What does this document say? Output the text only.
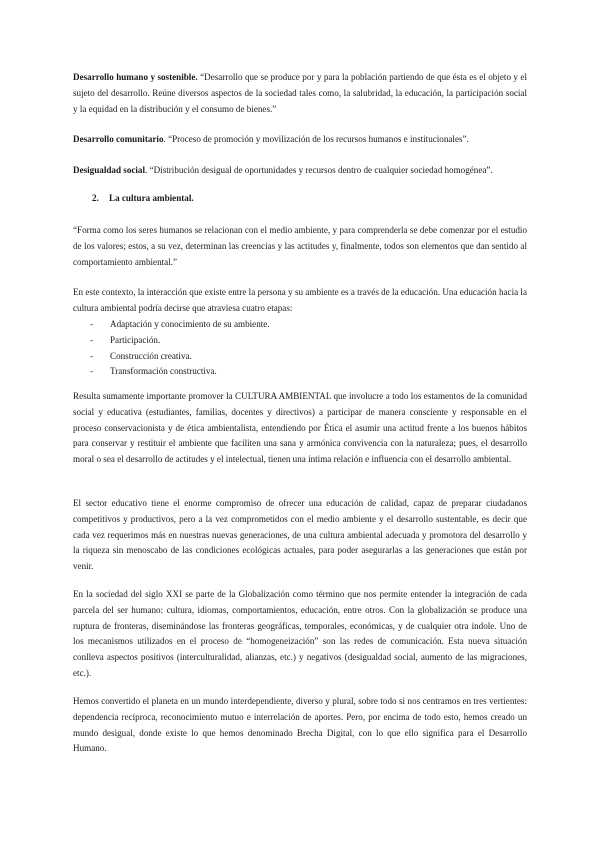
Desarrollo humano y sostenible. “Desarrollo que se produce por y para la población partiendo de que ésta es el objeto y el sujeto del desarrollo. Reúne diversos aspectos de la sociedad tales como, la salubridad, la educación, la participación social y la equidad en la distribución y el consumo de bienes.”

Desarrollo comunitario. “Proceso de promoción y movilización de los recursos humanos e institucionales”.

Desigualdad social. “Distribución desigual de oportunidades y recursos dentro de cualquier sociedad homogénea”.

2. La cultura ambiental.

“Forma como los seres humanos se relacionan con el medio ambiente, y para comprenderla se debe comenzar por el estudio de los valores; estos, a su vez, determinan las creencias y las actitudes y, finalmente, todos son elementos que dan sentido al comportamiento ambiental.”

En este contexto, la interacción que existe entre la persona y su ambiente es a través de la educación. Una educación hacia la cultura ambiental podría decirse que atraviesa cuatro etapas:

- Adaptación y conocimiento de su ambiente.
- Participación.
- Construcción creativa.
- Transformación constructiva.

Resulta sumamente importante promover la CULTURA AMBIENTAL que involucre a todo los estamentos de la comunidad social y educativa (estudiantes, familias, docentes y directivos) a participar de manera consciente y responsable en el proceso conservacionista y de ética ambientalista, entendiendo por Ética el asumir una actitud frente a los buenos hábitos para conservar y restituir el ambiente que faciliten una sana y armónica convivencia con la naturaleza; pues, el desarrollo moral o sea el desarrollo de actitudes y el intelectual, tienen una íntima relación e influencia con el desarrollo ambiental.

El sector educativo tiene el enorme compromiso de ofrecer una educación de calidad, capaz de preparar ciudadanos competitivos y productivos, pero a la vez comprometidos con el medio ambiente y el desarrollo sustentable, es decir que cada vez requerimos más en nuestras nuevas generaciones, de una cultura ambiental adecuada y promotora del desarrollo y la riqueza sin menoscabo de las condiciones ecológicas actuales, para poder asegurarlas a las generaciones que están por venir.

En la sociedad del siglo XXI se parte de la Globalización como término que nos permite entender la integración de cada parcela del ser humano: cultura, idiomas, comportamientos, educación, entre otros. Con la globalización se produce una ruptura de fronteras, diseminándose las fronteras geográficas, temporales, económicas, y de cualquier otra índole. Uno de los mecanismos utilizados en el proceso de “homogeneización” son las redes de comunicación. Esta nueva situación conlleva aspectos positivos (interculturalidad, alianzas, etc.) y negativos (desigualdad social, aumento de las migraciones, etc.).

Hemos convertido el planeta en un mundo interdependiente, diverso y plural, sobre todo si nos centramos en tres vertientes: dependencia recíproca, reconocimiento mutuo e interrelación de aportes. Pero, por encima de todo esto, hemos creado un mundo desigual, donde existe lo que hemos denominado Brecha Digital, con lo que ello significa para el Desarrollo Humano.
